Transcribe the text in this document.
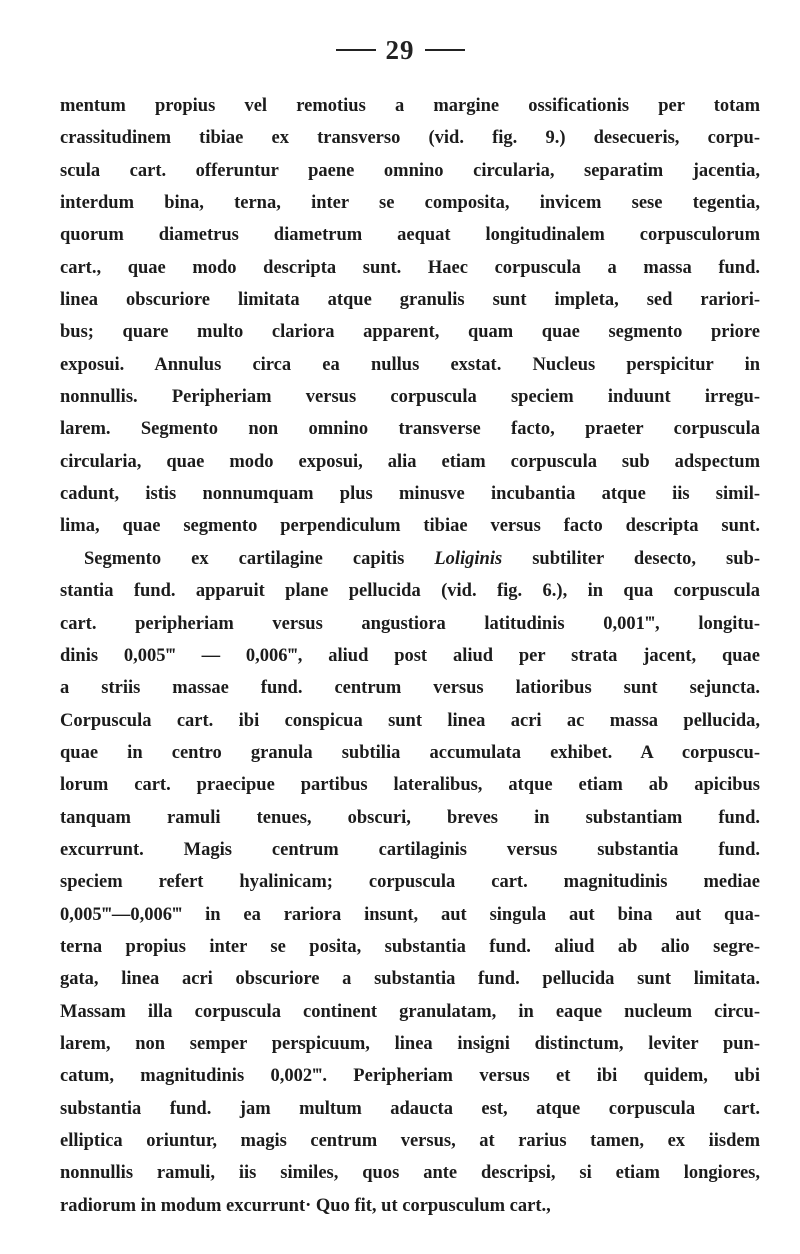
29
mentum propius vel remotius a margine ossificationis per totam
crassitudinem tibiae ex transverso (vid. fig. 9.) desecueris, corpu-
scula cart. offeruntur paene omnino circularia, separatim jacentia,
interdum bina, terna, inter se composita, invicem sese tegentia,
quorum diametrus diametrum aequat longitudinalem corpusculorum
cart., quae modo descripta sunt. Haec corpuscula a massa fund.
linea obscuriore limitata atque granulis sunt impleta, sed rariori-
bus; quare multo clariora apparent, quam quae segmento priore
exposui. Annulus circa ea nullus exstat. Nucleus perspicitur in
nonnullis. Peripheriam versus corpuscula speciem induunt irregu-
larem. Segmento non omnino transverse facto, praeter corpuscula
circularia, quae modo exposui, alia etiam corpuscula sub adspectum
cadunt, istis nonnumquam plus minusve incubantia atque iis simil-
lima, quae segmento perpendiculum tibiae versus facto descripta sunt.
Segmento ex cartilagine capitis Loliginis subtiliter desecto, sub-
stantia fund. apparuit plane pellucida (vid. fig. 6.), in qua corpuscula
cart. peripheriam versus angustiora latitudinis 0,001‴, longitu-
dinis 0,005‴ — 0,006‴, aliud post aliud per strata jacent, quae
a striis massae fund. centrum versus latioribus sunt sejuncta.
Corpuscula cart. ibi conspicua sunt linea acri ac massa pellucida,
quae in centro granula subtilia accumulata exhibet. A corpuscu-
lorum cart. praecipue partibus lateralibus, atque etiam ab apicibus
tanquam ramuli tenues, obscuri, breves in substantiam fund.
excurrunt. Magis centrum cartilaginis versus substantia fund.
speciem refert hyalinicam; corpuscula cart. magnitudinis mediae
0,005‴—0,006‴ in ea rariora insunt, aut singula aut bina aut qua-
terna propius inter se posita, substantia fund. aliud ab alio segre-
gata, linea acri obscuriore a substantia fund. pellucida sunt limitata.
Massam illa corpuscula continent granulatam, in eaque nucleum circu-
larem, non semper perspicuum, linea insigni distinctum, leviter pun-
catum, magnitudinis 0,002‴. Peripheriam versus et ibi quidem, ubi
substantia fund. jam multum adaucta est, atque corpuscula cart.
elliptica oriuntur, magis centrum versus, at rarius tamen, ex iisdem
nonnullis ramuli, iis similes, quos ante descripsi, si etiam longiores,
radiorum in modum excurrunt· Quo fit, ut corpusculum cart.,
